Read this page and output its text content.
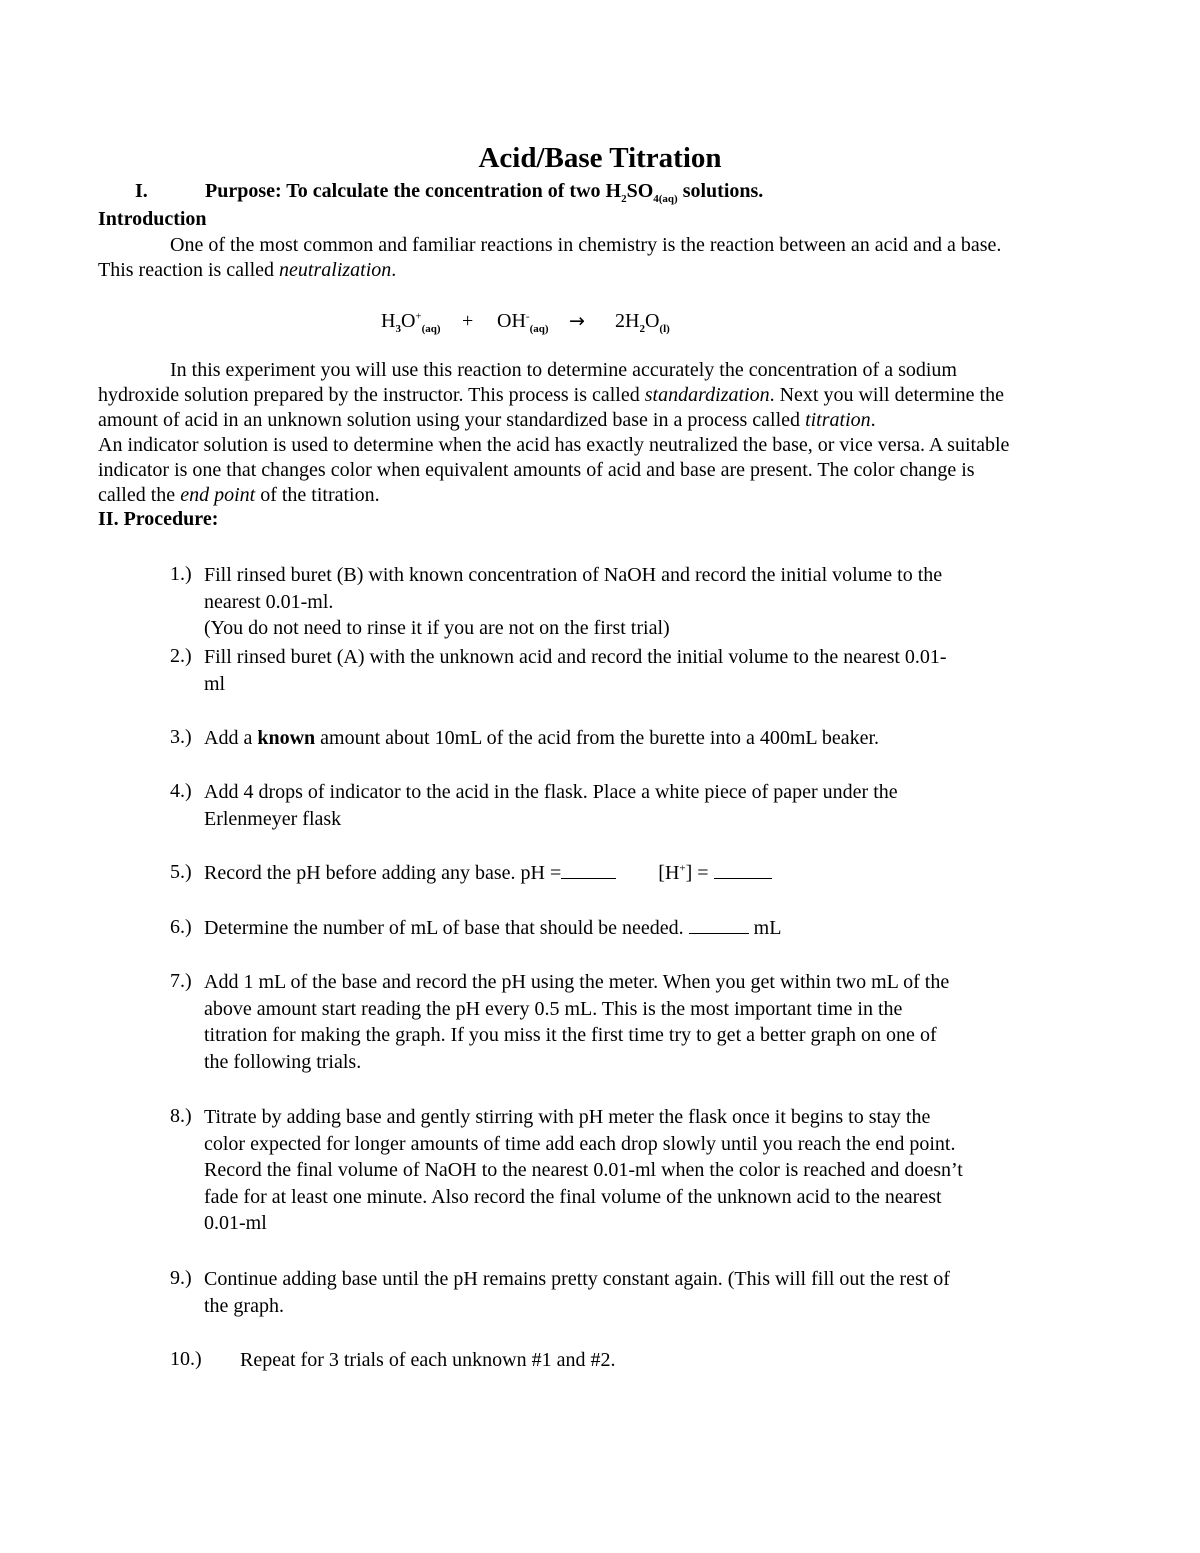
Acid/Base Titration
I.	Purpose: To calculate the concentration of two $H_2SO_{4(aq)}$ solutions.
Introduction
One of the most common and familiar reactions in chemistry is the reaction between an acid and a base.
This reaction is called neutralization.
$H_3O^+_{(aq)} + OH^-_{(aq)} \to 2H_2O_{(l)}$
In this experiment you will use this reaction to determine accurately the concentration of a sodium
hydroxide solution prepared by the instructor. This process is called standardization. Next you will determine the
amount of acid in an unknown solution using your standardized base in a process called titration.
An indicator solution is used to determine when the acid has exactly neutralized the base, or vice versa. A suitable
indicator is one that changes color when equivalent amounts of acid and base are present. The color change is
called the end point of the titration.
II. Procedure:
1.) Fill rinsed buret (B) with known concentration of NaOH and record the initial volume to the
nearest 0.01-ml.
(You do not need to rinse it if you are not on the first trial)
2.) Fill rinsed buret (A) with the unknown acid and record the initial volume to the nearest 0.01-
ml
3.) Add a known amount about 10mL of the acid from the burette into a 400mL beaker.
4.) Add 4 drops of indicator to the acid in the flask. Place a white piece of paper under the
Erlenmeyer flask
5.) Record the pH before adding any base. pH =	[H+] =
6.) Determine the number of mL of base that should be needed.	mL
7.) Add 1 mL of the base and record the pH using the meter. When you get within two mL of the
above amount start reading the pH every 0.5 mL. This is the most important time in the
titration for making the graph. If you miss it the first time try to get a better graph on one of
the following trials.
8.) Titrate by adding base and gently stirring with pH meter the flask once it begins to stay the
color expected for longer amounts of time add each drop slowly until you reach the end point.
Record the final volume of NaOH to the nearest 0.01-ml when the color is reached and doesn’t
fade for at least one minute. Also record the final volume of the unknown acid to the nearest
0.01-ml
9.) Continue adding base until the pH remains pretty constant again. (This will fill out the rest of
the graph.
10.) Repeat for 3 trials of each unknown #1 and #2.
